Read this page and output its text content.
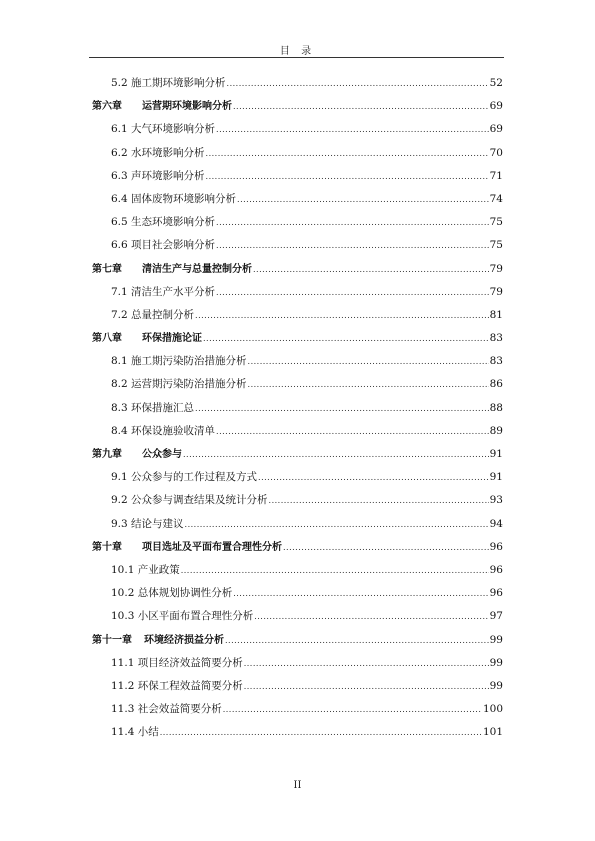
目 录
5.2 施工期环境影响分析 .....	52
第六章 运营期环境影响分析 .....	69
6.1 大气环境影响分析 .....	69
6.2 水环境影响分析 .....	70
6.3 声环境影响分析 .....	71
6.4 固体废物环境影响分析 .....	74
6.5 生态环境影响分析 .....	75
6.6 项目社会影响分析 .....	75
第七章 清洁生产与总量控制分析 .....	79
7.1 清洁生产水平分析 .....	79
7.2 总量控制分析 .....	81
第八章 环保措施论证 .....	83
8.1 施工期污染防治措施分析 .....	83
8.2 运营期污染防治措施分析 .....	86
8.3 环保措施汇总 .....	88
8.4 环保设施验收清单 .....	89
第九章 公众参与 .....	91
9.1 公众参与的工作过程及方式 .....	91
9.2 公众参与调查结果及统计分析 .....	93
9.3 结论与建议 .....	94
第十章 项目选址及平面布置合理性分析 .....	96
10.1 产业政策 .....	96
10.2 总体规划协调性分析 .....	96
10.3 小区平面布置合理性分析 .....	97
第十一章 环境经济损益分析 .....	99
11.1 项目经济效益简要分析 .....	99
11.2 环保工程效益简要分析 .....	99
11.3 社会效益简要分析 .....	100
11.4 小结 .....	101
II
